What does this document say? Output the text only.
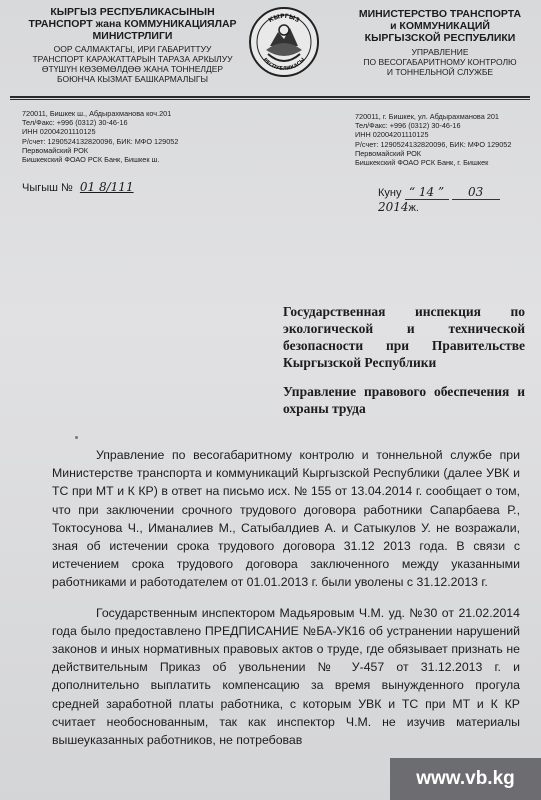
КЫРГЫЗ РЕСПУБЛИКАСЫНЫН
ТРАНСПОРТ жана КОММУНИКАЦИЯЛАР
МИНИСТРЛИГИ
ООР САЛМАКТАГЫ, ИРИ ГАБАРИТТУУ
ТРАНСПОРТ КАРАЖАТТАРЫН ТАРАЗА АРКЫЛУУ
ӨТҮШҮН КӨЗӨМӨЛДӨӨ ЖАНА ТОННЕЛДЕР
БОЮНЧА КЫЗМАТ БАШКАРМАЛЫГЫ
КЫРГЫЗ
РЕСПУБЛИКАСЫ
МИНИСТЕРСТВО ТРАНСПОРТА
и КОММУНИКАЦИЙ
КЫРГЫЗСКОЙ РЕСПУБЛИКИ
УПРАВЛЕНИЕ
ПО ВЕСОГАБАРИТНОМУ КОНТРОЛЮ
И ТОННЕЛЬНОЙ СЛУЖБЕ
720011, Бишкек ш., Абдырахманова коч.201
Тел/Факс: +996 (0312) 30-46-16
ИНН 02004201110125
Р/счет: 1290524132820096, БИК: МФО 129052
Первомайский РОК
Бишкекский ФОАО РСК Банк, Бишкек ш.
720011, г. Бишкек, ул. Абдырахманова 201
Тел/Факс: +996 (0312) 30-46-16
ИНН 02004201110125
Р/счет: 1290524132820096, БИК: МФО 129052
Первомайский РОК
Бишкекский ФОАО РСК Банк, г. Бишкек
Чыгыш № 01 8/111	Куну “ 14 ” 03 2014ж.
Государственная инспекция по экологической и технической безопасности при Правительстве Кыргызской Республики
Управление правового обеспечения и охраны труда

Управление по весогабаритному контролю и тоннельной службе при Министерстве транспорта и коммуникаций Кыргызской Республики (далее УВК и ТС при МТ и К КР) в ответ на письмо исх. № 155 от 13.04.2014 г. сообщает о том, что при заключении срочного трудового договора работники Сапарбаева Р., Токтосунова Ч., Иманалиев М., Сатыбалдиев А. и Сатыкулов У. не возражали, зная об истечении срока трудового договора 31.12 2013 года. В связи с истечением срока трудового договора заключенного между указанными работниками и работодателем от 01.01.2013 г. были уволены с 31.12.2013 г.

Государственным инспектором Мадьяровым Ч.М. уд. №30 от 21.02.2014 года было предоставлено ПРЕДПИСАНИЕ №БА-УК16 об устранении нарушений законов и иных нормативных правовых актов о труде, где обязывает признать не действительным Приказ об увольнении № У-457 от 31.12.2013 г. и дополнительно выплатить компенсацию за время вынужденного прогула средней заработной платы работника, с которым УВК и ТС при МТ и К КР считает необоснованным, так как инспектор Ч.М. не изучив материалы вышеуказанных работников, не потребовав

www.vb.kg
